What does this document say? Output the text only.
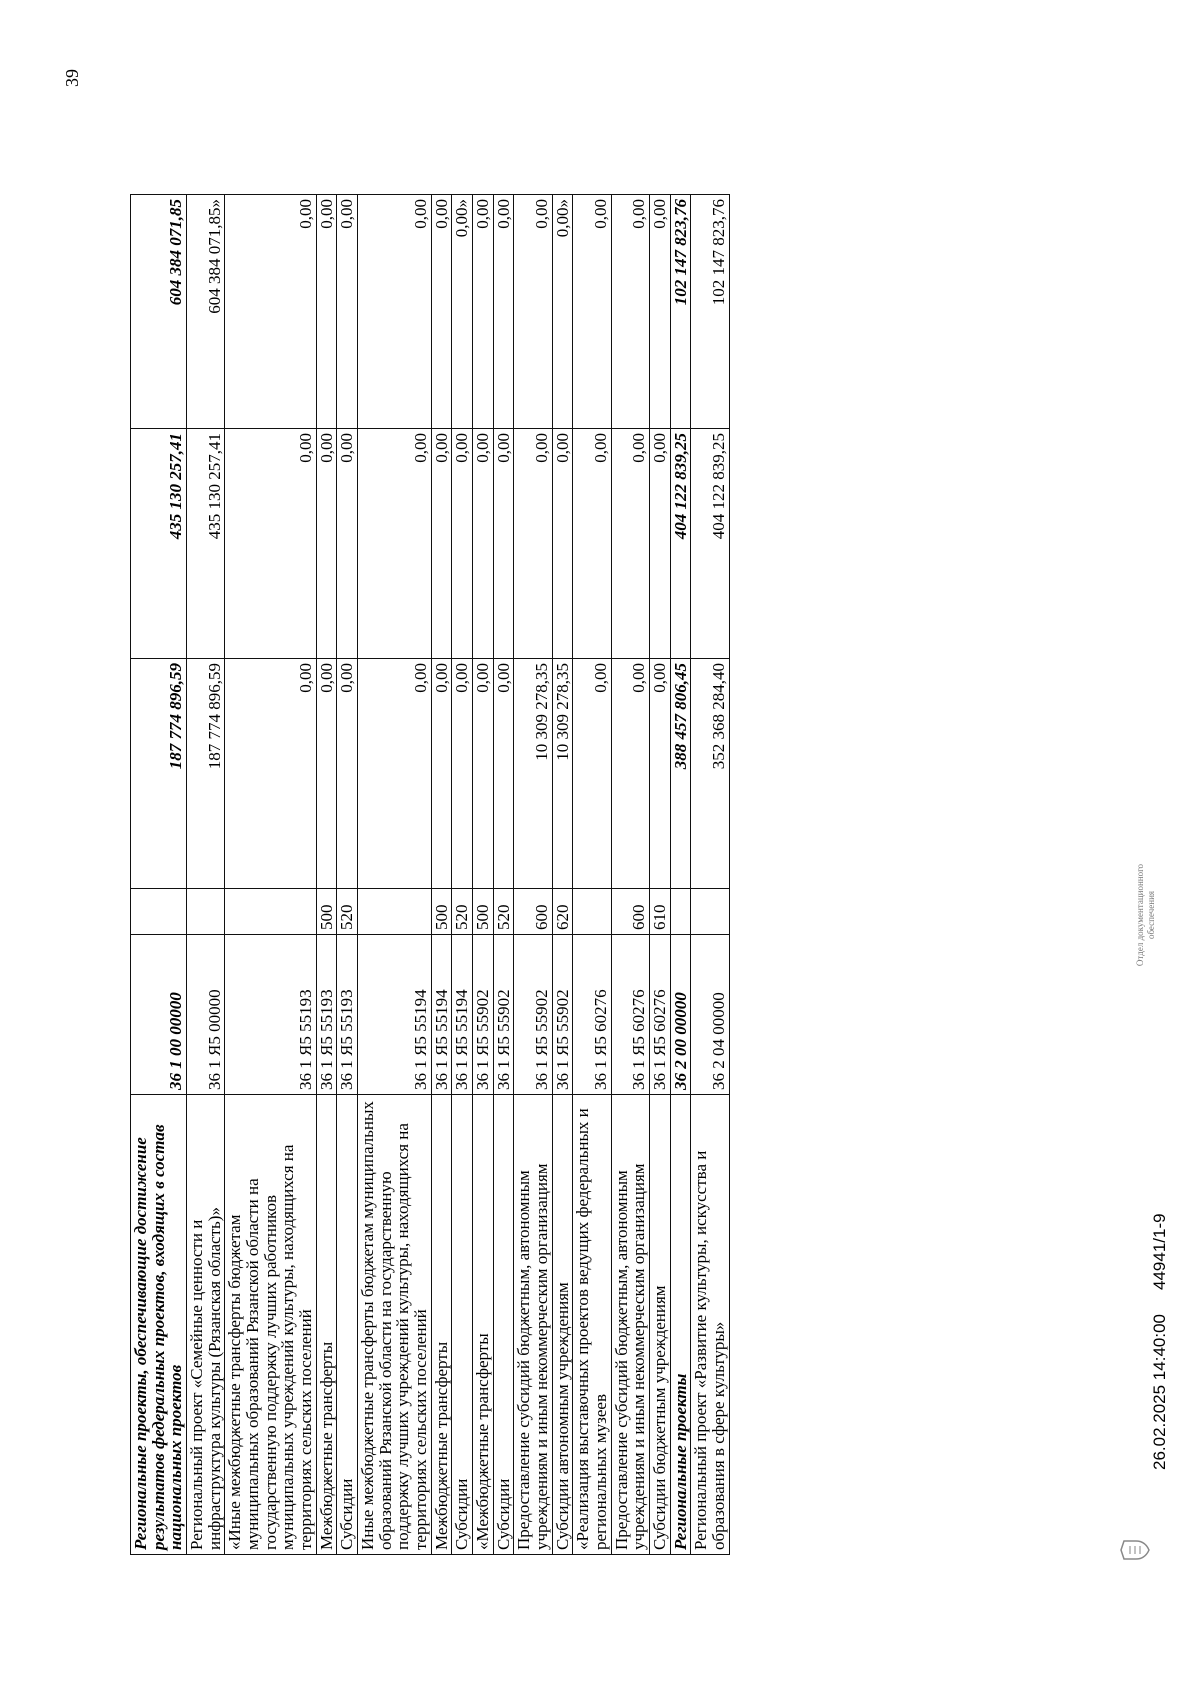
39
Региональные проекты, обеспечивающие достижение результатов федеральных проектов, входящих в состав национальных проектов	36 1 00 00000		187 774 896,59	435 130 257,41	604 384 071,85
Региональный проект «Семейные ценности и инфраструктура культуры (Рязанская область)»	36 1 Я5 00000		187 774 896,59	435 130 257,41	604 384 071,85»
«Иные межбюджетные трансферты бюджетам муниципальных образований Рязанской области на государственную поддержку лучших работников муниципальных учреждений культуры, находящихся на территориях сельских поселений	36 1 Я5 55193		0,00	0,00	0,00
Межбюджетные трансферты	36 1 Я5 55193	500	0,00	0,00	0,00
Субсидии	36 1 Я5 55193	520	0,00	0,00	0,00
Иные межбюджетные трансферты бюджетам муниципальных образований Рязанской области на государственную поддержку лучших учреждений культуры, находящихся на территориях сельских поселений	36 1 Я5 55194		0,00	0,00	0,00
Межбюджетные трансферты	36 1 Я5 55194	500	0,00	0,00	0,00
Субсидии	36 1 Я5 55194	520	0,00	0,00	0,00»
«Межбюджетные трансферты	36 1 Я5 55902	500	0,00	0,00	0,00
Субсидии	36 1 Я5 55902	520	0,00	0,00	0,00
Предоставление субсидий бюджетным, автономным учреждениям и иным некоммерческим организациям	36 1 Я5 55902	600	10 309 278,35	0,00	0,00
Субсидии автономным учреждениям	36 1 Я5 55902	620	10 309 278,35	0,00	0,00»
«Реализация выставочных проектов ведущих федеральных и региональных музеев	36 1 Я5 60276		0,00	0,00	0,00
Предоставление субсидий бюджетным, автономным учреждениям и иным некоммерческим организациям	36 1 Я5 60276	600	0,00	0,00	0,00
Субсидии бюджетным учреждениям	36 1 Я5 60276	610	0,00	0,00	0,00
Региональные проекты	36 2 00 00000		388 457 806,45	404 122 839,25	102 147 823,76
Региональный проект «Развитие культуры, искусства и образования в сфере культуры»	36 2 04 00000		352 368 284,40	404 122 839,25	102 147 823,76
26.02.2025 14:40:00
44941/1-9
Отдел документационного обеспечения
